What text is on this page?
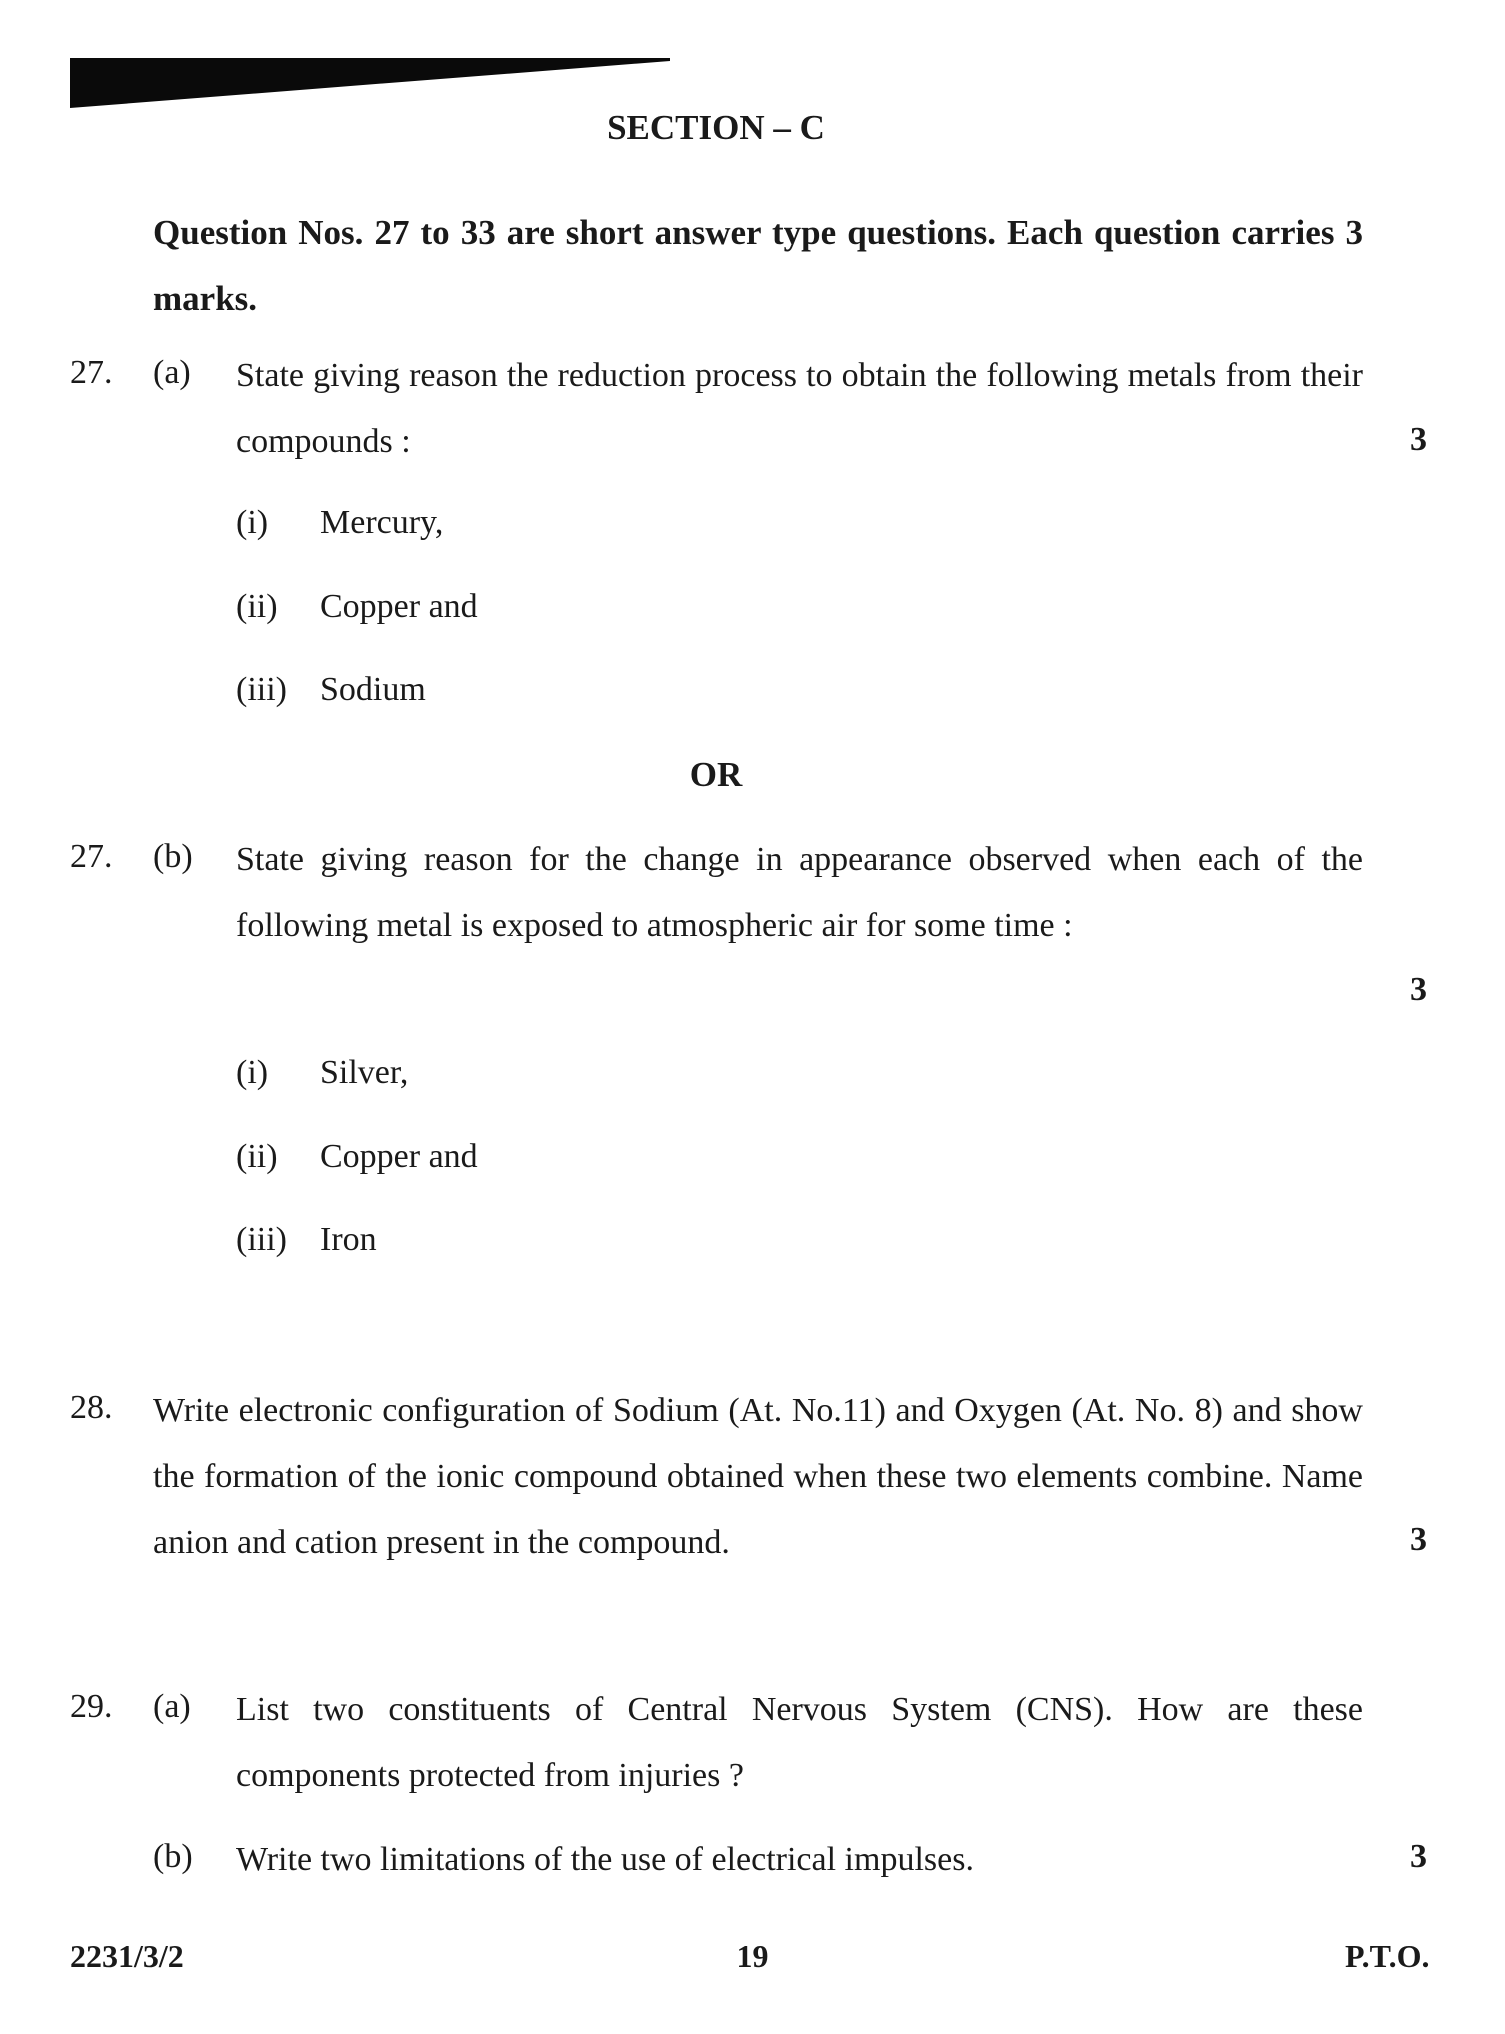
SECTION – C
Question Nos. 27 to 33 are short answer type questions. Each question carries 3 marks.
27. (a) State giving reason the reduction process to obtain the following metals from their compounds :	3
(i) Mercury,
(ii) Copper and
(iii) Sodium
OR
27. (b) State giving reason for the change in appearance observed when each of the following metal is exposed to atmospheric air for some time :
3
(i) Silver,
(ii) Copper and
(iii) Iron
28. Write electronic configuration of Sodium (At. No.11) and Oxygen (At. No. 8) and show the formation of the ionic compound obtained when these two elements combine. Name anion and cation present in the compound.	3
29. (a) List two constituents of Central Nervous System (CNS). How are these components protected from injuries ?
(b) Write two limitations of the use of electrical impulses.	3
2231/3/2	19	P.T.O.
